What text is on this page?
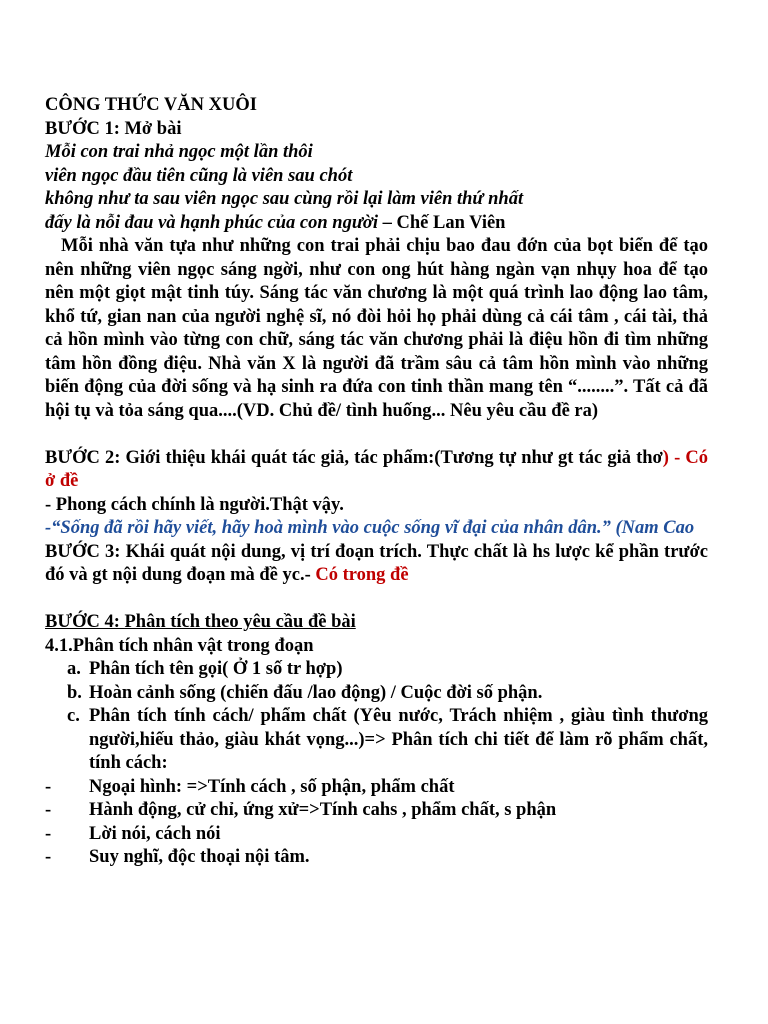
CÔNG THỨC VĂN XUÔI

BƯỚC 1: Mở bài

Mỗi con trai nhả ngọc một lần thôi

viên ngọc đầu tiên cũng là viên sau chót

không như ta sau viên ngọc sau cùng rồi lại làm viên thứ nhất

đấy là nỗi đau và hạnh phúc của con người – Chế Lan Viên

Mỗi nhà văn tựa như những con trai phải chịu bao đau đớn của bọt biển để tạo nên những viên ngọc sáng ngời, như con ong hút hàng ngàn vạn nhụy hoa để tạo nên một giọt mật tinh túy. Sáng tác văn chương là một quá trình lao động lao tâm, khổ tứ, gian nan của người nghệ sĩ, nó đòi hỏi họ phải dùng cả cái tâm , cái tài, thả cả hồn mình vào từng con chữ, sáng tác văn chương phải là điệu hồn đi tìm những tâm hồn đồng điệu. Nhà văn X là người đã trầm sâu cả tâm hồn mình vào những biến động của đời sống và hạ sinh ra đứa con tinh thần mang tên “........”. Tất cả đã hội tụ và tỏa sáng qua....(VD. Chủ đề/ tình huống... Nêu yêu cầu đề ra)

BƯỚC 2: Giới thiệu khái quát tác giả, tác phẩm:(Tương tự như gt tác giả thơ) - Có ở đề

- Phong cách chính là người.Thật vậy.

-“Sống đã rồi hãy viết, hãy hoà mình vào cuộc sống vĩ đại của nhân dân.” (Nam Cao

BƯỚC 3: Khái quát nội dung, vị trí đoạn trích. Thực chất là hs lược kể phần trước đó và gt nội dung đoạn mà đề yc.- Có trong đề

BƯỚC 4: Phân tích theo yêu cầu đề bài

4.1.Phân tích nhân vật trong đoạn

a. Phân tích tên gọi( Ở 1 số tr hợp)
b. Hoàn cảnh sống (chiến đấu /lao động) / Cuộc đời số phận.
c. Phân tích tính cách/ phẩm chất (Yêu nước, Trách nhiệm , giàu tình thương người,hiếu thảo, giàu khát vọng...)=> Phân tích chi tiết để làm rõ phẩm chất, tính cách:
- Ngoại hình: =>Tính cách , số phận, phẩm chất
- Hành động, cử chỉ, ứng xử=>Tính cahs , phẩm chất, s phận
- Lời nói, cách nói
- Suy nghĩ, độc thoại nội tâm.
